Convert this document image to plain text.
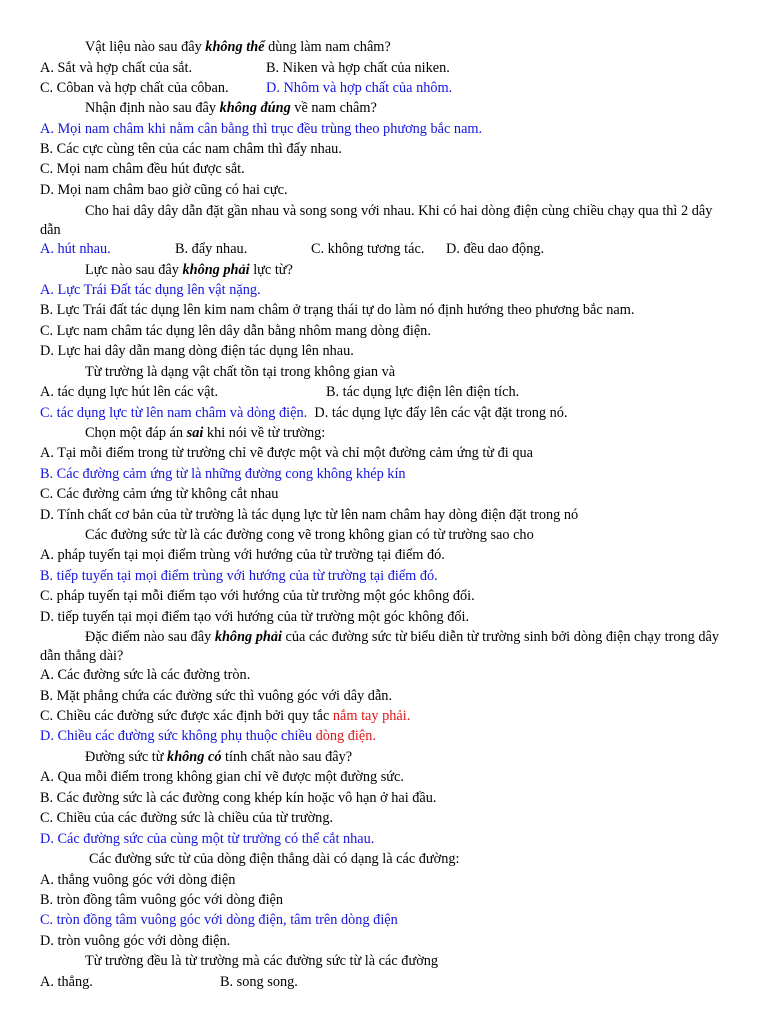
Vật liệu nào sau đây không thể dùng làm nam châm?
A. Sắt và hợp chất của sắt.	B. Niken và hợp chất của niken.
C. Côban và hợp chất của côban.	D. Nhôm và hợp chất của nhôm.
Nhận định nào sau đây không đúng về nam châm?
A. Mọi nam châm khi nằm cân bằng thì trục đều trùng theo phương bắc nam.
B. Các cực cùng tên của các nam châm thì đẩy nhau.
C. Mọi nam châm đều hút được sắt.
D. Mọi nam châm bao giờ cũng có hai cực.
Cho hai dây dây dẫn đặt gần nhau và song song với nhau. Khi có hai dòng điện cùng chiều chạy qua thì 2 dây dẫn
A. hút nhau.	B. đẩy nhau.	C. không tương tác. D. đều dao động.
Lực nào sau đây không phải lực từ?
A. Lực Trái Đất tác dụng lên vật nặng.
B. Lực Trái đất tác dụng lên kim nam châm ở trạng thái tự do làm nó định hướng theo phương bắc nam.
C. Lực nam châm tác dụng lên dây dẫn bằng nhôm mang dòng điện.
D. Lực hai dây dẫn mang dòng điện tác dụng lên nhau.
Từ trường là dạng vật chất tồn tại trong không gian và
A. tác dụng lực hút lên các vật.	B. tác dụng lực điện lên điện tích.
C. tác dụng lực từ lên nam châm và dòng điện. D. tác dụng lực đẩy lên các vật đặt trong nó.
Chọn một đáp án sai khi nói về từ trường:
A. Tại mỗi điểm trong từ trường chỉ vẽ được một và chỉ một đường cảm ứng từ đi qua
B. Các đường cảm ứng từ là những đường cong không khép kín
C. Các đường cảm ứng từ không cắt nhau
D. Tính chất cơ bản của từ trường là tác dụng lực từ lên nam châm hay dòng điện đặt trong nó
Các đường sức từ là các đường cong vẽ trong không gian có từ trường sao cho
A. pháp tuyến tại mọi điểm trùng với hướng của từ trường tại điểm đó.
B. tiếp tuyến tại mọi điểm trùng với hướng của từ trường tại điểm đó.
C. pháp tuyến tại mỗi điểm tạo với hướng của từ trường một góc không đổi.
D. tiếp tuyến tại mọi điểm tạo với hướng của từ trường một góc không đổi.
Đặc điểm nào sau đây không phải của các đường sức từ biểu diễn từ trường sinh bởi dòng điện chạy trong dây dẫn thẳng dài?
A. Các đường sức là các đường tròn.
B. Mặt phẳng chứa các đường sức thì vuông góc với dây dẫn.
C. Chiều các đường sức được xác định bởi quy tắc nắm tay phải.
D. Chiều các đường sức không phụ thuộc chiều dòng điện.
Đường sức từ không có tính chất nào sau đây?
A. Qua mỗi điểm trong không gian chỉ vẽ được một đường sức.
B. Các đường sức là các đường cong khép kín hoặc vô hạn ở hai đầu.
C. Chiều của các đường sức là chiều của từ trường.
D. Các đường sức của cùng một từ trường có thể cắt nhau.
Các đường sức từ của dòng điện thẳng dài có dạng là các đường:
A. thẳng vuông góc với dòng điện
B. tròn đồng tâm vuông góc với dòng điện
C. tròn đồng tâm vuông góc với dòng điện, tâm trên dòng điện
D. tròn vuông góc với dòng điện.
Từ trường đều là từ trường mà các đường sức từ là các đường
A. thẳng.	B. song song.
